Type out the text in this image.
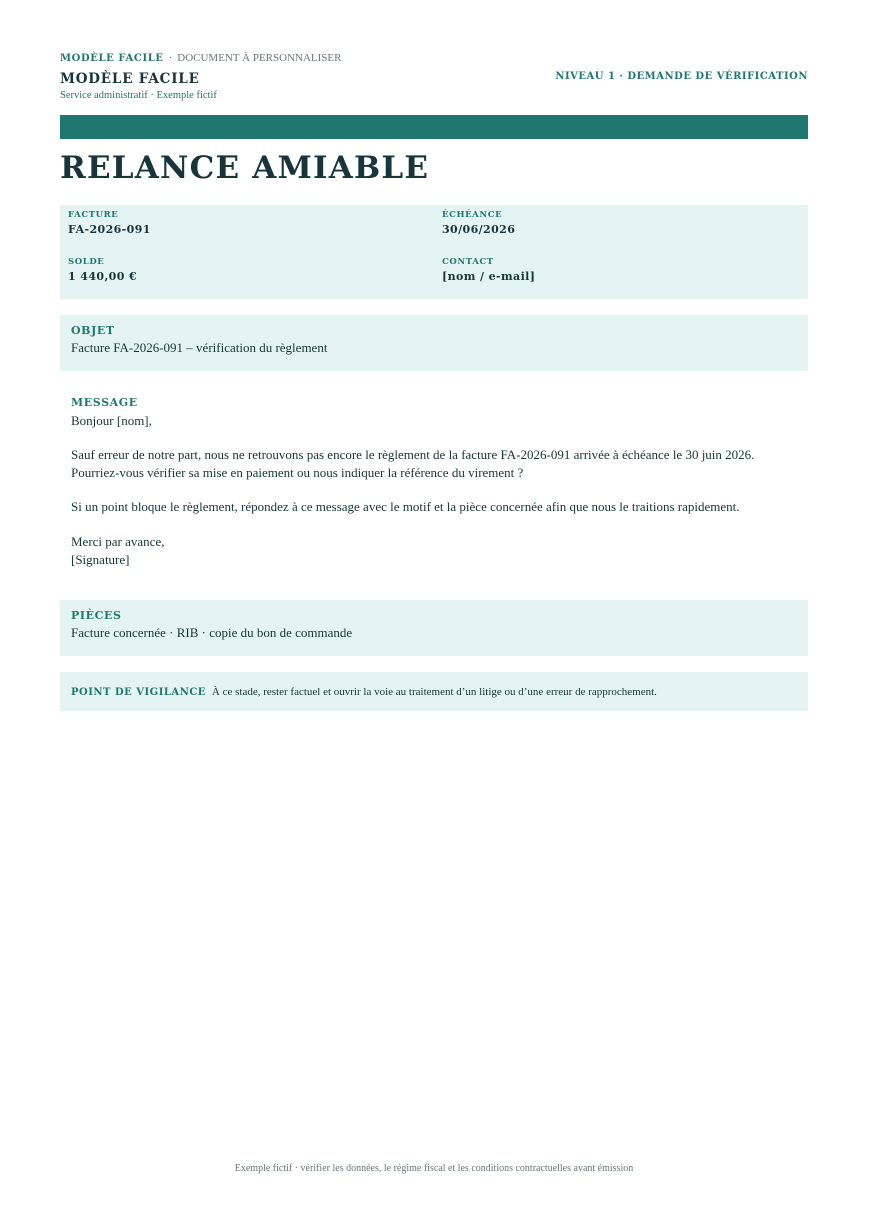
MODÈLE FACILE · DOCUMENT À PERSONNALISER
MODÈLE FACILE
Service administratif · Exemple fictif
NIVEAU 1 · DEMANDE DE VÉRIFICATION
RELANCE AMIABLE
FACTURE
FA-2026-091
ÉCHÉANCE
30/06/2026
SOLDE
1 440,00 €
CONTACT
[nom / e-mail]
OBJET
Facture FA-2026-091 – vérification du règlement
MESSAGE

Bonjour [nom],

Sauf erreur de notre part, nous ne retrouvons pas encore le règlement de la facture FA-2026-091 arrivée à échéance le 30 juin 2026.

Pourriez-vous vérifier sa mise en paiement ou nous indiquer la référence du virement ?

Si un point bloque le règlement, répondez à ce message avec le motif et la pièce concernée afin que nous le traitions rapidement.

Merci par avance,

[Signature]

PIÈCES
Facture concernée · RIB · copie du bon de commande
POINT DE VIGILANCE À ce stade, rester factuel et ouvrir la voie au traitement d’un litige ou d’une erreur de rapprochement.
Exemple fictif · vérifier les données, le régime fiscal et les conditions contractuelles avant émission
